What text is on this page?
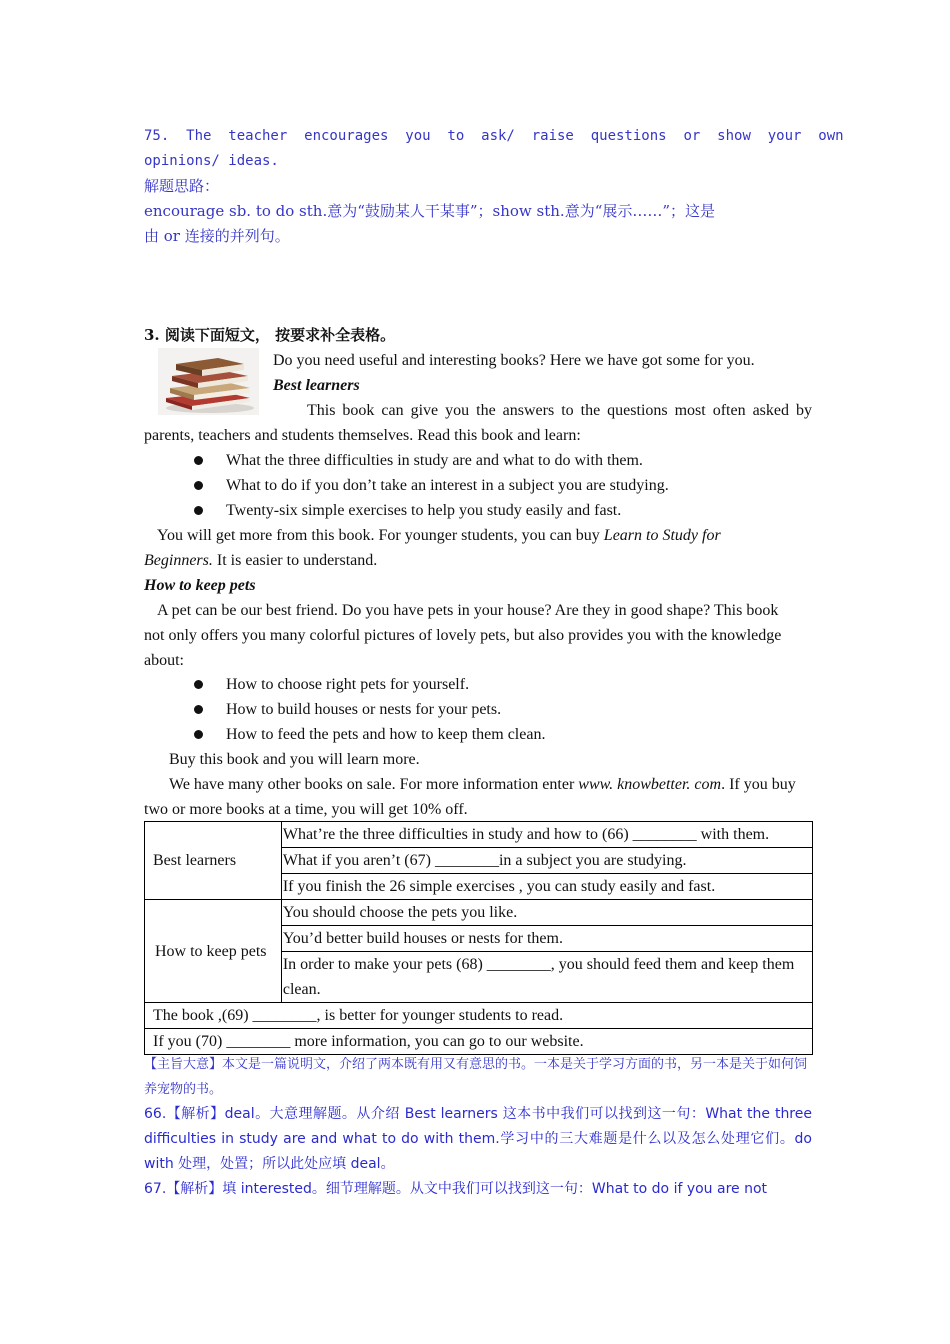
75.  The  teacher  encourages  you  to  ask/  raise  questions  or  show  your  own
opinions/ ideas.
解题思路：
encourage sb. to do sth.意为“鼓励某人干某事”；show sth.意为“展示……”；这是
由 or 连接的并列句。
3. 阅读下面短文， 按要求补全表格。
Do you need useful and interesting books? Here we have got some for you.
Best learners
This book can give you the answers to the questions most often asked by parents, teachers and students themselves. Read this book and learn:
What the three difficulties in study are and what to do with them.
What to do if you don’t take an interest in a subject you are studying.
Twenty-six simple exercises to help you study easily and fast.
You will get more from this book. For younger students, you can buy Learn to Study for Beginners. It is easier to understand.
How to keep pets
A pet can be our best friend. Do you have pets in your house? Are they in good shape? This book not only offers you many colorful pictures of lovely pets, but also provides you with the knowledge about:
How to choose right pets for yourself.
How to build houses or nests for your pets.
How to feed the pets and how to keep them clean.
Buy this book and you will learn more.
We have many other books on sale. For more information enter www. knowbetter. com. If you buy two or more books at a time, you will get 10% off.
Best learners	What’re the three difficulties in study and how to (66) ________ with them.
	What if you aren’t (67) ________in a subject you are studying.
	If you finish the 26 simple exercises , you can study easily and fast.
How to keep pets	You should choose the pets you like.
	You’d better build houses or nests for them.
	In order to make your pets (68) ________, you should feed them and keep them clean.
The book ,(69) ________, is better for younger students to read.	
If you (70) ________ more information, you can go to our website.	
【主旨大意】本文是一篇说明文，介绍了两本既有用又有意思的书。一本是关于学习方面的书，另一本是关于如何饲养宠物的书。
66.【解析】deal。大意理解题。从介绍 Best learners 这本书中我们可以找到这一句：What the three difficulties in study are and what to do with them.学习中的三大难题是什么以及怎么处理它们。do with 处理，处置；所以此处应填 deal。
67.【解析】填 interested。细节理解题。从文中我们可以找到这一句：What to do if you are not
